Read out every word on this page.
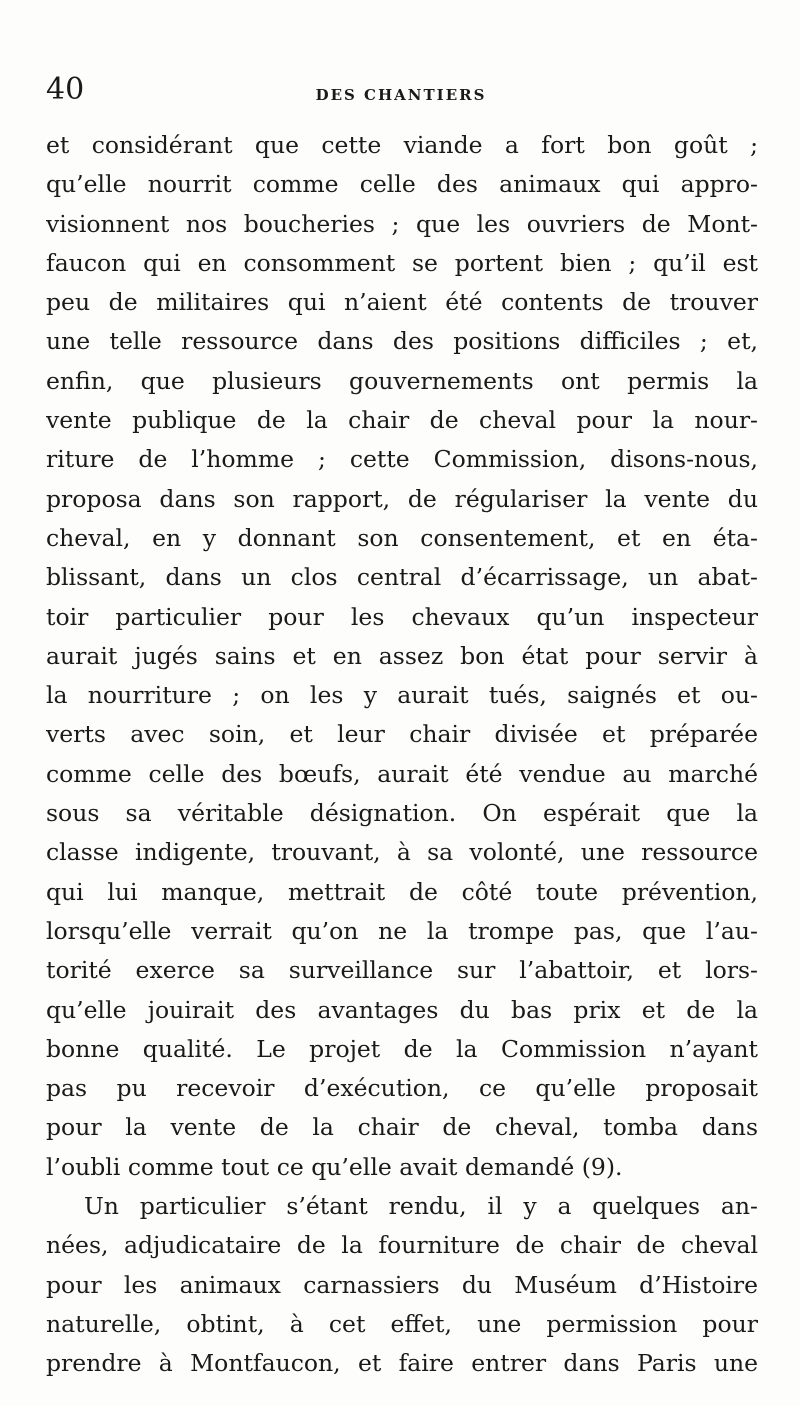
40	DES CHANTIERS
et considérant que cette viande a fort bon goût ;
qu’elle nourrit comme celle des animaux qui appro-
visionnent nos boucheries ; que les ouvriers de Mont-
faucon qui en consomment se portent bien ; qu’il est
peu de militaires qui n’aient été contents de trouver
une telle ressource dans des positions difficiles ; et,
enfin, que plusieurs gouvernements ont permis la
vente publique de la chair de cheval pour la nour-
riture de l’homme ; cette Commission, disons-nous,
proposa dans son rapport, de régulariser la vente du
cheval, en y donnant son consentement, et en éta-
blissant, dans un clos central d’écarrissage, un abat-
toir particulier pour les chevaux qu’un inspecteur
aurait jugés sains et en assez bon état pour servir à
la nourriture ; on les y aurait tués, saignés et ou-
verts avec soin, et leur chair divisée et préparée
comme celle des bœufs, aurait été vendue au marché
sous sa véritable désignation. On espérait que la
classe indigente, trouvant, à sa volonté, une ressource
qui lui manque, mettrait de côté toute prévention,
lorsqu’elle verrait qu’on ne la trompe pas, que l’au-
torité exerce sa surveillance sur l’abattoir, et lors-
qu’elle jouirait des avantages du bas prix et de la
bonne qualité. Le projet de la Commission n’ayant
pas pu recevoir d’exécution, ce qu’elle proposait
pour la vente de la chair de cheval, tomba dans
l’oubli comme tout ce qu’elle avait demandé (9).
Un particulier s’étant rendu, il y a quelques an-
nées, adjudicataire de la fourniture de chair de cheval
pour les animaux carnassiers du Muséum d’Histoire
naturelle, obtint, à cet effet, une permission pour
prendre à Montfaucon, et faire entrer dans Paris une
